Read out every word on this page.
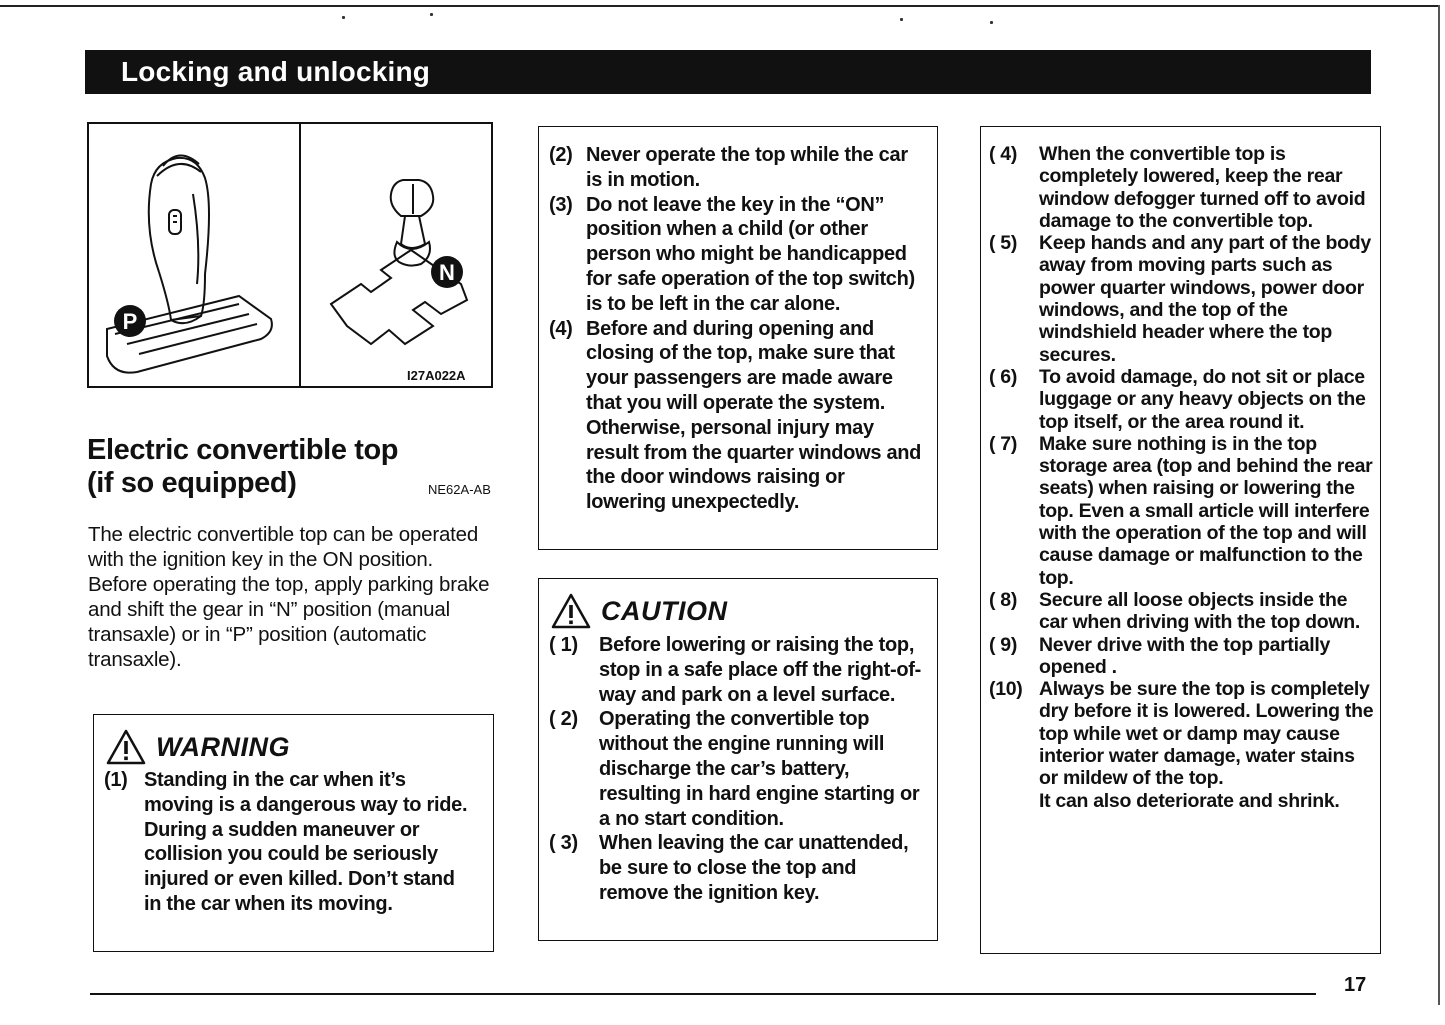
Locking and unlocking
P
N
I27A022A
Electric convertible top
(if so equipped)	NE62A-AB

The electric convertible top can be operated with the ignition key in the ON position.

Before operating the top, apply parking brake and shift the gear in “N” position (manual transaxle) or in “P” position (automatic transaxle).

WARNING
(1) Standing in the car when it’s moving is a dangerous way to ride. During a sudden maneuver or collision you could be seriously injured or even killed. Don’t stand in the car when its moving.
(2) Never operate the top while the car is in motion.
(3) Do not leave the key in the “ON” position when a child (or other person who might be handicapped for safe operation of the top switch) is to be left in the car alone.
(4) Before and during opening and closing of the top, make sure that your passengers are made aware that you will operate the system. Otherwise, personal injury may result from the quarter windows and the door windows raising or lowering unexpectedly.
CAUTION
( 1) Before lowering or raising the top, stop in a safe place off the right-of-way and park on a level surface.
( 2) Operating the convertible top without the engine running will discharge the car’s battery, resulting in hard engine starting or a no start condition.
( 3) When leaving the car unattended, be sure to close the top and remove the ignition key.
( 4) When the convertible top is completely lowered, keep the rear window defogger turned off to avoid damage to the convertible top.
( 5) Keep hands and any part of the body away from moving parts such as power quarter windows, power door windows, and the top of the windshield header where the top secures.
( 6) To avoid damage, do not sit or place luggage or any heavy objects on the top itself, or the area round it.
( 7) Make sure nothing is in the top storage area (top and behind the rear seats) when raising or lowering the top. Even a small article will interfere with the operation of the top and will cause damage or malfunction to the top.
( 8) Secure all loose objects inside the car when driving with the top down.
( 9) Never drive with the top partially opened .
(10) Always be sure the top is completely dry before it is lowered. Lowering the top while wet or damp may cause interior water damage, water stains or mildew of the top.
It can also deteriorate and shrink.
17
